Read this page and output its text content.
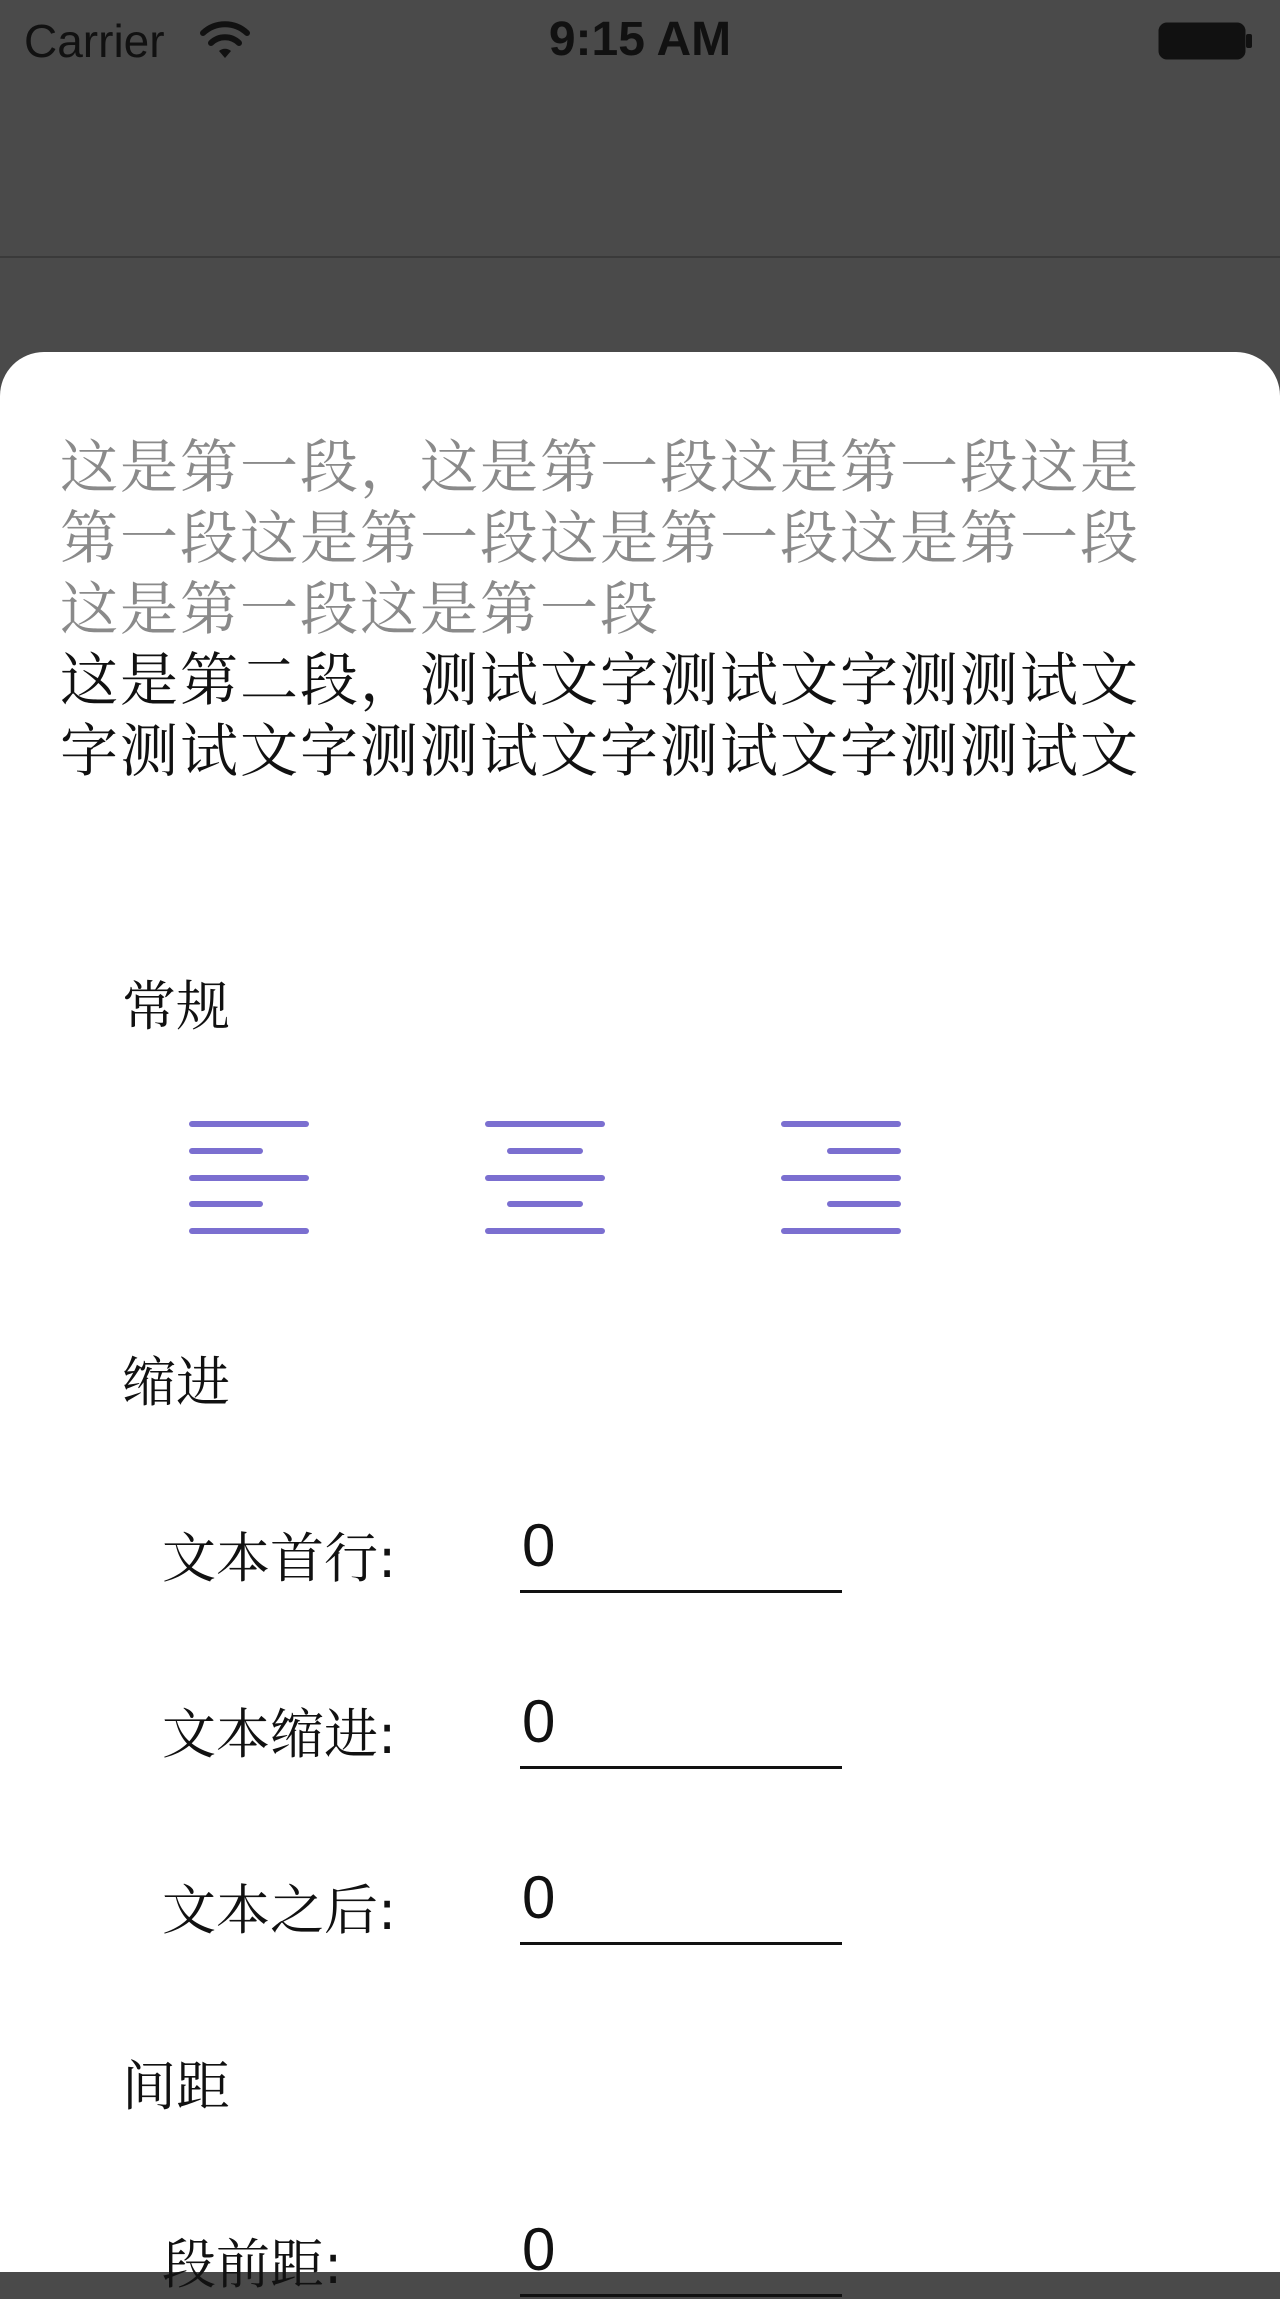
Carrier	9:15 AM

这是第一段，这是第一段这是第一段这是第一段这是第一段这是第一段这是第一段这是第一段这是第一段

这是第二段，测试文字测试文字测测试文字测试文字测测试文字测试文字测测试文

常规
缩进
文本首行:
0
文本缩进:
0
文本之后:
0
间距
段前距:
0
